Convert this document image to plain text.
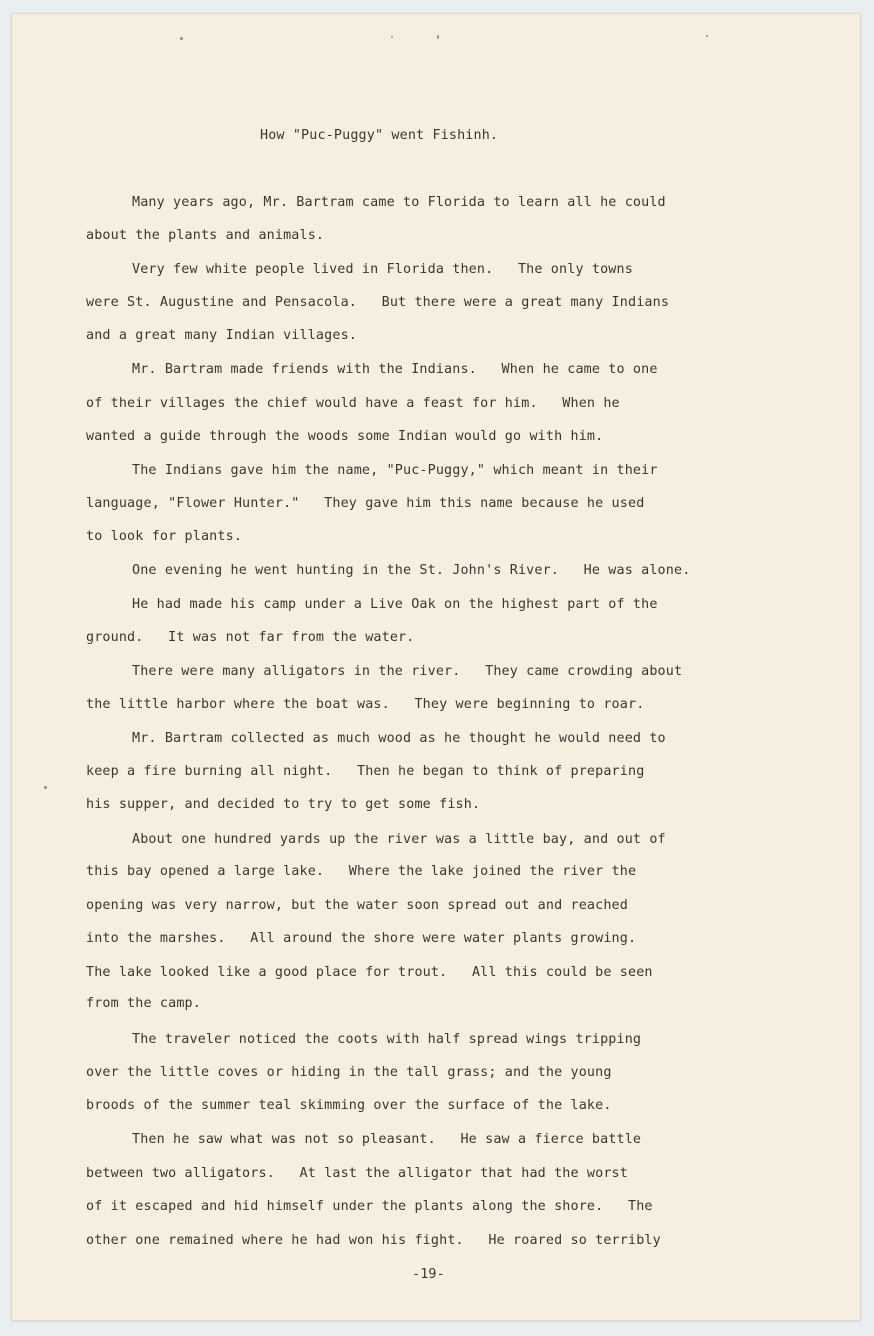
How "Puc-Puggy" went Fishinh.
Many years ago, Mr. Bartram came to Florida to learn all he could
about the plants and animals.
Very few white people lived in Florida then.   The only towns
were St. Augustine and Pensacola.   But there were a great many Indians
and a great many Indian villages.
Mr. Bartram made friends with the Indians.   When he came to one
of their villages the chief would have a feast for him.   When he
wanted a guide through the woods some Indian would go with him.
The Indians gave him the name, "Puc-Puggy," which meant in their
language, "Flower Hunter."   They gave him this name because he used
to look for plants.
One evening he went hunting in the St. John's River.   He was alone.
He had made his camp under a Live Oak on the highest part of the
ground.   It was not far from the water.
There were many alligators in the river.   They came crowding about
the little harbor where the boat was.   They were beginning to roar.
Mr. Bartram collected as much wood as he thought he would need to
keep a fire burning all night.   Then he began to think of preparing
his supper, and decided to try to get some fish.
About one hundred yards up the river was a little bay, and out of
this bay opened a large lake.   Where the lake joined the river the
opening was very narrow, but the water soon spread out and reached
into the marshes.   All around the shore were water plants growing.
The lake looked like a good place for trout.   All this could be seen
from the camp.
The traveler noticed the coots with half spread wings tripping
over the little coves or hiding in the tall grass; and the young
broods of the summer teal skimming over the surface of the lake.
Then he saw what was not so pleasant.   He saw a fierce battle
between two alligators.   At last the alligator that had the worst
of it escaped and hid himself under the plants along the shore.   The
other one remained where he had won his fight.   He roared so terribly
-19-
